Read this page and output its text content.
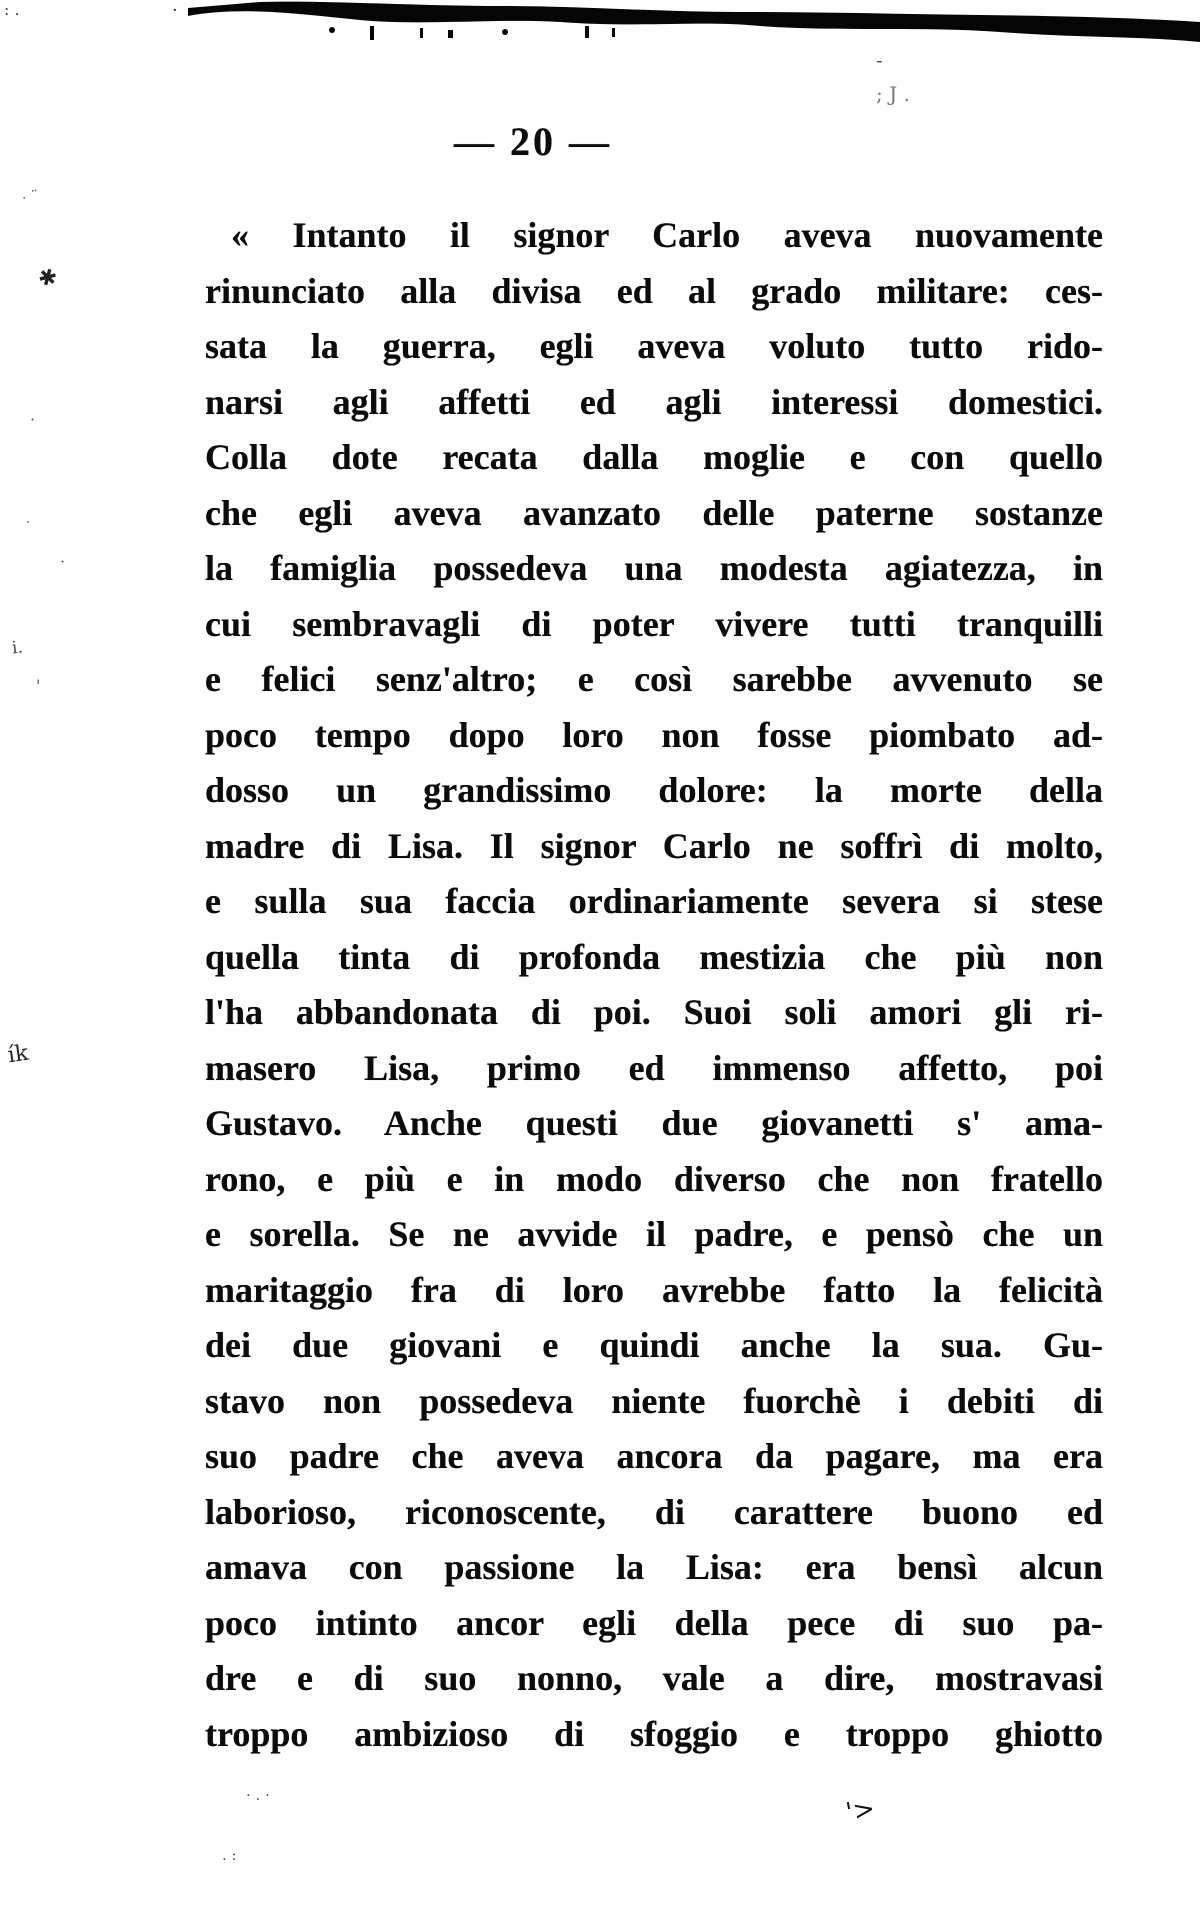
— 20 —
« Intanto il signor Carlo aveva nuovamente
rinunciato alla divisa ed al grado militare: ces-
sata la guerra, egli aveva voluto tutto rido-
narsi agli affetti ed agli interessi domestici.
Colla dote recata dalla moglie e con quello
che egli aveva avanzato delle paterne sostanze
la famiglia possedeva una modesta agiatezza, in
cui sembravagli di poter vivere tutti tranquilli
e felici senz'altro; e così sarebbe avvenuto se
poco tempo dopo loro non fosse piombato ad-
dosso un grandissimo dolore: la morte della
madre di Lisa. Il signor Carlo ne soffrì di molto,
e sulla sua faccia ordinariamente severa si stese
quella tinta di profonda mestizia che più non
l'ha abbandonata di poi. Suoi soli amori gli ri-
masero Lisa, primo ed immenso affetto, poi
Gustavo. Anche questi due giovanetti s' ama-
rono, e più e in modo diverso che non fratello
e sorella. Se ne avvide il padre, e pensò che un
maritaggio fra di loro avrebbe fatto la felicità
dei due giovani e quindi anche la sua. Gu-
stavo non possedeva niente fuorchè i debiti di
suo padre che aveva ancora da pagare, ma era
laborioso, riconoscente, di carattere buono ed
amava con passione la Lisa: era bensì alcun
poco intinto ancor egli della pece di suo pa-
dre e di suo nonno, vale a dire, mostravasi
troppo ambizioso di sfoggio e troppo ghiotto
: .	·
-
; J .
· ¨
✱
·
·
˙
i.
'
ík
· . ·
. :
'>
